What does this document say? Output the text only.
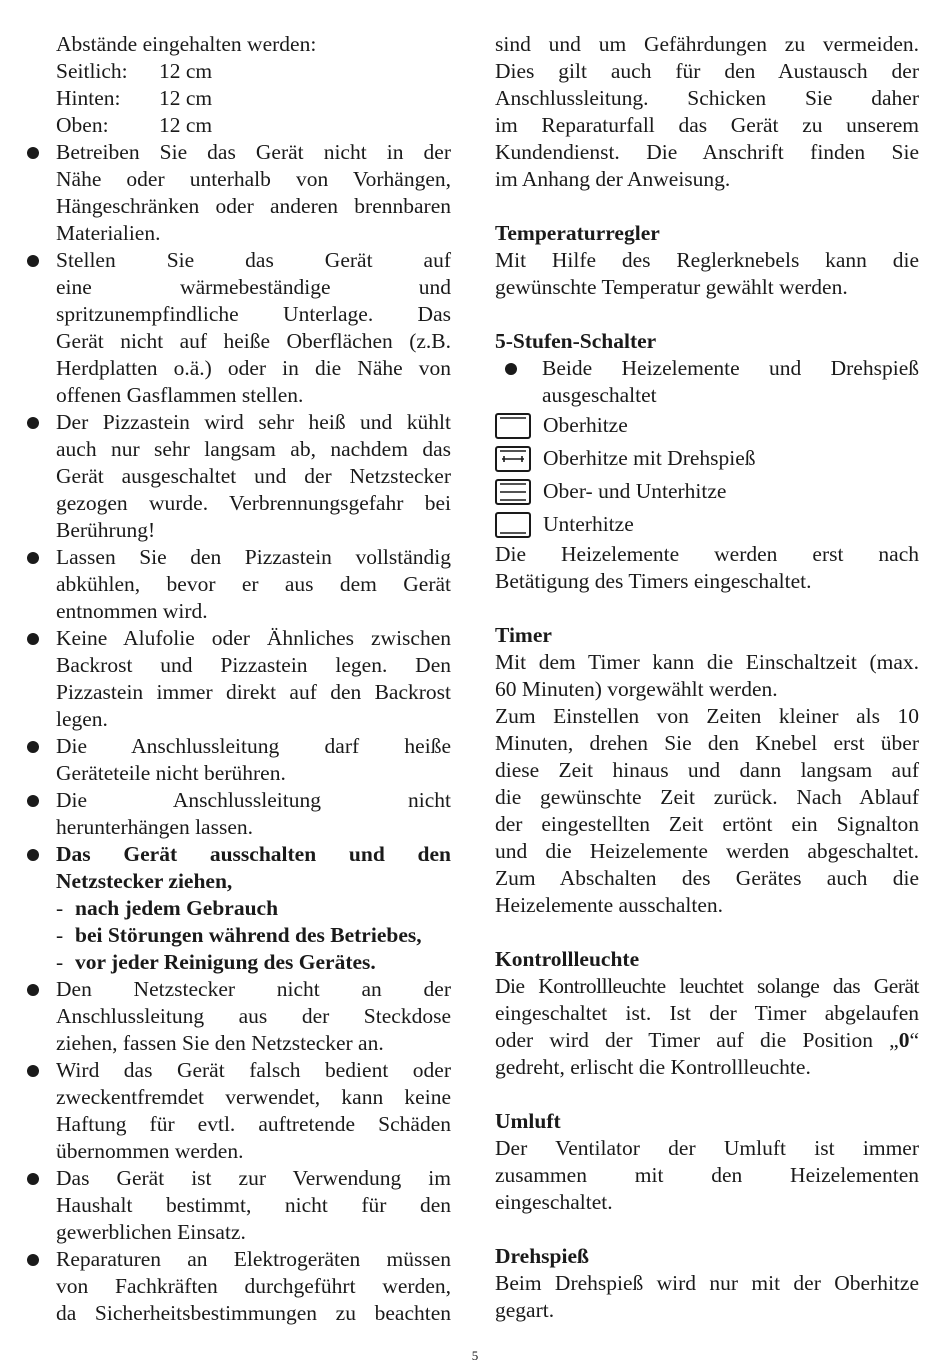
Abstände eingehalten werden:

Seitlich:	12 cm
Hinten:	12 cm
Oben:	12 cm
Betreiben Sie das Gerät nicht in der
Nähe oder unterhalb von Vorhängen,
Hängeschränken oder anderen brennbaren
Materialien.
Stellen Sie das Gerät auf
eine wärmebeständige und
spritzunempfindliche Unterlage. Das
Gerät nicht auf heiße Oberflächen (z.B.
Herdplatten o.ä.) oder in die Nähe von
offenen Gasflammen stellen.
Der Pizzastein wird sehr heiß und kühlt
auch nur sehr langsam ab, nachdem das
Gerät ausgeschaltet und der Netzstecker
gezogen wurde. Verbrennungsgefahr bei
Berührung!
Lassen Sie den Pizzastein vollständig
abkühlen, bevor er aus dem Gerät
entnommen wird.
Keine Alufolie oder Ähnliches zwischen
Backrost und Pizzastein legen. Den
Pizzastein immer direkt auf den Backrost
legen.
Die Anschlussleitung darf heiße
Geräteteile nicht berühren.
Die Anschlussleitung nicht
herunterhängen lassen.
Das Gerät ausschalten und den
Netzstecker ziehen,
- nach jedem Gebrauch
- bei Störungen während des Betriebes,
- vor jeder Reinigung des Gerätes.
Den Netzstecker nicht an der
Anschlussleitung aus der Steckdose
ziehen, fassen Sie den Netzstecker an.
Wird das Gerät falsch bedient oder
zweckentfremdet verwendet, kann keine
Haftung für evtl. auftretende Schäden
übernommen werden.
Das Gerät ist zur Verwendung im
Haushalt bestimmt, nicht für den
gewerblichen Einsatz.
Reparaturen an Elektrogeräten müssen
von Fachkräften durchgeführt werden,
da Sicherheitsbestimmungen zu beachten
sind und um Gefährdungen zu vermeiden.
Dies gilt auch für den Austausch der
Anschlussleitung. Schicken Sie daher
im Reparaturfall das Gerät zu unserem
Kundendienst. Die Anschrift finden Sie
im Anhang der Anweisung.
Temperaturregler
Mit Hilfe des Reglerknebels kann die
gewünschte Temperatur gewählt werden.
5-Stufen-Schalter
Beide Heizelemente und Drehspieß
ausgeschaltet
Oberhitze
Oberhitze mit Drehspieß
Ober- und Unterhitze
Unterhitze
Die Heizelemente werden erst nach
Betätigung des Timers eingeschaltet.
Timer
Mit dem Timer kann die Einschaltzeit (max.
60 Minuten) vorgewählt werden.
Zum Einstellen von Zeiten kleiner als 10
Minuten, drehen Sie den Knebel erst über
diese Zeit hinaus und dann langsam auf
die gewünschte Zeit zurück. Nach Ablauf
der eingestellten Zeit ertönt ein Signalton
und die Heizelemente werden abgeschaltet.
Zum Abschalten des Gerätes auch die
Heizelemente ausschalten.
Kontrollleuchte
Die Kontrollleuchte leuchtet solange das Gerät
eingeschaltet ist. Ist der Timer abgelaufen
oder wird der Timer auf die Position „0“
gedreht, erlischt die Kontrollleuchte.
Umluft
Der Ventilator der Umluft ist immer
zusammen mit den Heizelementen
eingeschaltet.
Drehspieß
Beim Drehspieß wird nur mit der Oberhitze
gegart.
5
